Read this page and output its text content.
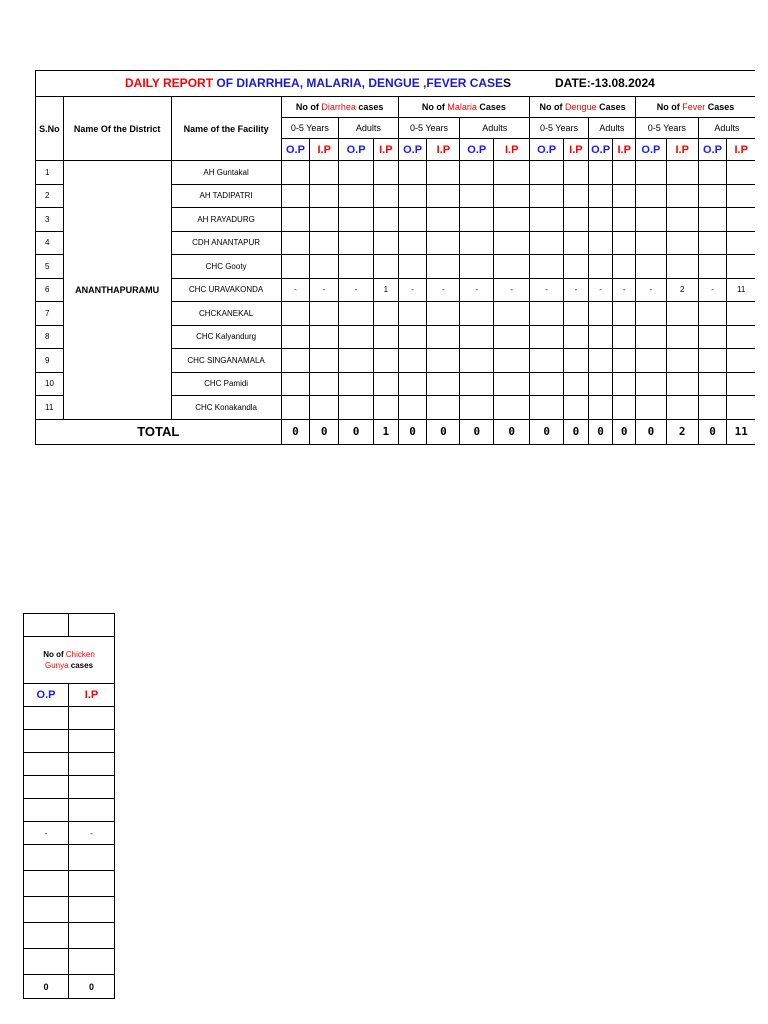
DAILY REPORT OF DIARRHEA, MALARIA, DENGUE ,FEVER CASES DATE:-13.08.2024																		

S.No	Name Of the District	Name of the Facility	No of Diarrhea cases				No of Malaria Cases				No of Dengue Cases				No of Fever Cases			
			0-5 Years		Adults		0-5 Years		Adults		0-5 Years		Adults		0-5 Years		Adults	
			O.P	I.P	O.P	I.P	O.P	I.P	O.P	I.P	O.P	I.P	O.P	I.P	O.P	I.P	O.P	I.P
1	ANANTHAPURAMU	AH Guntakal																
2		AH TADIPATRI																
3		AH RAYADURG																
4		CDH ANANTAPUR																
5		CHC Gooty																
6		CHC URAVAKONDA	-	-	-	1	-	-	-	-	-	-	-	-	-	2	-	11
7		CHCKANEKAL																
8		CHC Kalyandurg																
9		CHC SINGANAMALA																
10		CHC Pamidi																
11		CHC Konakandla																
TOTAL			0	0	0	1	0	0	0	0	0	0	0	0	0	2	0	11

No of Chicken
Gunya cases	
O.P	I.P

-	-

0	0
